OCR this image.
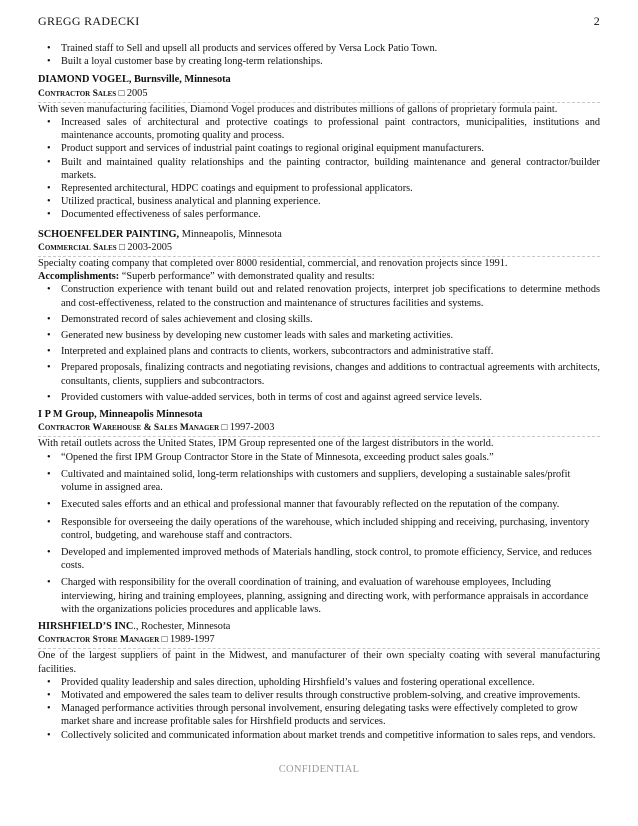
GREGG RADECKI	2
• Trained staff to Sell and upsell all products and services offered by Versa Lock Patio Town.
• Built a loyal customer base by creating long-term relationships.
DIAMOND VOGEL, Burnsville, Minnesota
Contractor Sales □ 2005
With seven manufacturing facilities, Diamond Vogel produces and distributes millions of gallons of proprietary formula paint.
• Increased sales of architectural and protective coatings to professional paint contractors, municipalities, institutions and maintenance accounts, promoting quality and process.
• Product support and services of industrial paint coatings to regional original equipment manufacturers.
• Built and maintained quality relationships and the painting contractor, building maintenance and general contractor/builder markets.
• Represented architectural, HDPC coatings and equipment to professional applicators.
• Utilized practical, business analytical and planning experience.
• Documented effectiveness of sales performance.
SCHOENFELDER PAINTING, Minneapolis, Minnesota
Commercial Sales □ 2003-2005
Specialty coating company that completed over 8000 residential, commercial, and renovation projects since 1991.
Accomplishments: “Superb performance” with demonstrated quality and results:
• Construction experience with tenant build out and related renovation projects, interpret job specifications to determine methods and cost-effectiveness, related to the construction and maintenance of structures facilities and systems.
• Demonstrated record of sales achievement and closing skills.
• Generated new business by developing new customer leads with sales and marketing activities.
• Interpreted and explained plans and contracts to clients, workers, subcontractors and administrative staff.
• Prepared proposals, finalizing contracts and negotiating revisions, changes and additions to contractual agreements with architects, consultants, clients, suppliers and subcontractors.
• Provided customers with value-added services, both in terms of cost and against agreed service levels.
I P M Group, Minneapolis Minnesota
Contractor Warehouse & Sales Manager □ 1997-2003
With retail outlets across the United States, IPM Group represented one of the largest distributors in the world.
• “Opened the first IPM Group Contractor Store in the State of Minnesota, exceeding product sales goals.”
• Cultivated and maintained solid, long-term relationships with customers and suppliers, developing a sustainable sales/profit volume in assigned area.
• Executed sales efforts and an ethical and professional manner that favourably reflected on the reputation of the company.
• Responsible for overseeing the daily operations of the warehouse, which included shipping and receiving, purchasing, inventory control, budgeting, and warehouse staff and contractors.
• Developed and implemented improved methods of Materials handling, stock control, to promote efficiency, Service, and reduces costs.
• Charged with responsibility for the overall coordination of training, and evaluation of warehouse employees, Including interviewing, hiring and training employees, planning, assigning and directing work, with performance appraisals in accordance with the organizations policies procedures and applicable laws.
HIRSHFIELD’S INC., Rochester, Minnesota
Contractor Store Manager □ 1989-1997
One of the largest suppliers of paint in the Midwest, and manufacturer of their own specialty coating with several manufacturing facilities.
• Provided quality leadership and sales direction, upholding Hirshfield’s values and fostering operational excellence.
• Motivated and empowered the sales team to deliver results through constructive problem-solving, and creative improvements.
• Managed performance activities through personal involvement, ensuring delegating tasks were effectively completed to grow market share and increase profitable sales for Hirshfield products and services.
• Collectively solicited and communicated information about market trends and competitive information to sales reps, and vendors.
CONFIDENTIAL
